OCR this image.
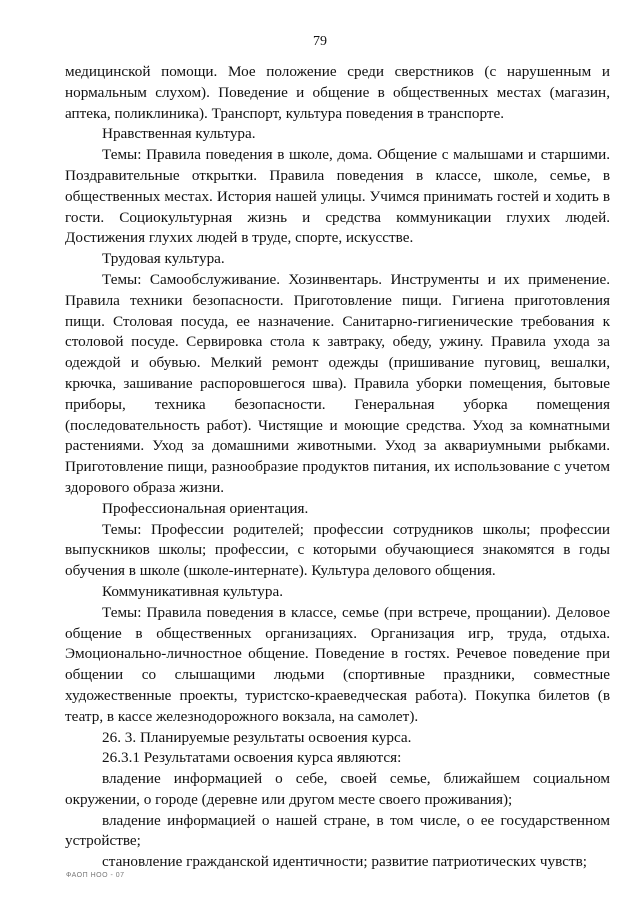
79

медицинской помощи. Мое положение среди сверстников (с нарушенным и нормальным слухом). Поведение и общение в общественных местах (магазин, аптека, поликлиника). Транспорт, культура поведения в транспорте.

Нравственная культура.

Темы: Правила поведения в школе, дома. Общение с малышами и старшими. Поздравительные открытки. Правила поведения в классе, школе, семье, в общественных местах. История нашей улицы. Учимся принимать гостей и ходить в гости. Социокультурная жизнь и средства коммуникации глухих людей. Достижения глухих людей в труде, спорте, искусстве.

Трудовая культура.

Темы: Самообслуживание. Хозинвентарь. Инструменты и их применение. Правила техники безопасности. Приготовление пищи. Гигиена приготовления пищи. Столовая посуда, ее назначение. Санитарно-гигиенические требования к столовой посуде. Сервировка стола к завтраку, обеду, ужину. Правила ухода за одеждой и обувью. Мелкий ремонт одежды (пришивание пуговиц, вешалки, крючка, зашивание распоровшегося шва). Правила уборки помещения, бытовые приборы, техника безопасности. Генеральная уборка помещения (последовательность работ). Чистящие и моющие средства. Уход за комнатными растениями. Уход за домашними животными. Уход за аквариумными рыбками. Приготовление пищи, разнообразие продуктов питания, их использование с учетом здорового образа жизни.

Профессиональная ориентация.

Темы: Профессии родителей; профессии сотрудников школы; профессии выпускников школы; профессии, с которыми обучающиеся знакомятся в годы обучения в школе (школе-интернате). Культура делового общения.

Коммуникативная культура.

Темы: Правила поведения в классе, семье (при встрече, прощании). Деловое общение в общественных организациях. Организация игр, труда, отдыха. Эмоционально-личностное общение. Поведение в гостях. Речевое поведение при общении со слышащими людьми (спортивные праздники, совместные художественные проекты, туристско-краеведческая работа). Покупка билетов (в театр, в кассе железнодорожного вокзала, на самолет).

26. 3. Планируемые результаты освоения курса.

26.3.1 Результатами освоения курса являются:

владение информацией о себе, своей семье, ближайшем социальном окружении, о городе (деревне или другом месте своего проживания);

владение информацией о нашей стране, в том числе, о ее государственном устройстве;

становление гражданской идентичности; развитие патриотических чувств;

ФАОП НОО - 07
